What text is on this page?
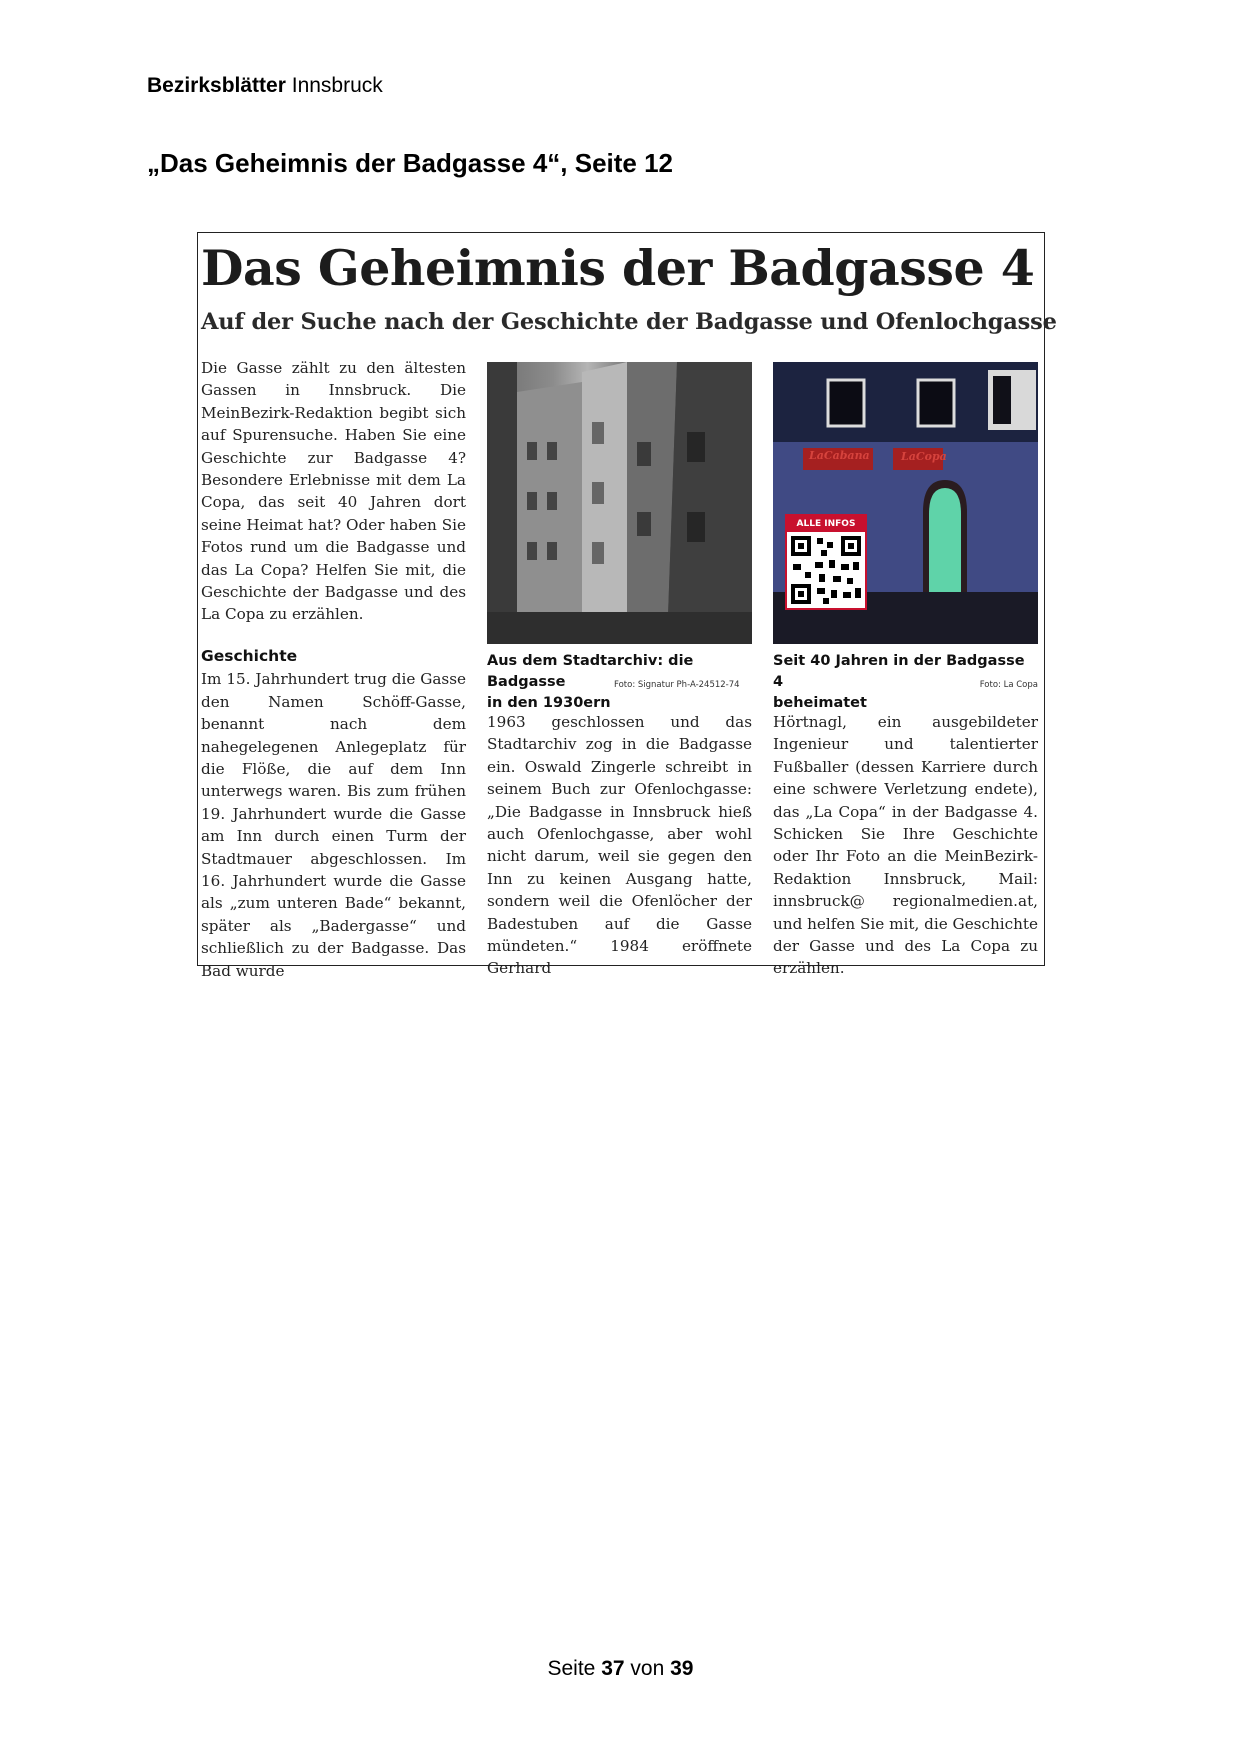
Bezirksblätter Innsbruck
„Das Geheimnis der Badgasse 4“, Seite 12
Das Geheimnis der Badgasse 4
Auf der Suche nach der Geschichte der Badgasse und Ofenlochgasse

Die Gasse zählt zu den ältesten Gassen in Innsbruck. Die MeinBezirk-Redaktion begibt sich auf Spurensuche. Haben Sie eine Geschichte zur Badgasse 4? Besondere Erlebnisse mit dem La Copa, das seit 40 Jahren dort seine Heimat hat? Oder haben Sie Fotos rund um die Badgasse und das La Copa? Helfen Sie mit, die Geschichte der Badgasse und des La Copa zu erzählen.

Geschichte

Im 15. Jahrhundert trug die Gasse den Namen Schöff-Gasse, benannt nach dem nahegelegenen Anlegeplatz für die Flöße, die auf dem Inn unterwegs waren. Bis zum frühen 19. Jahrhundert wurde die Gasse am Inn durch einen Turm der Stadtmauer abgeschlossen. Im 16. Jahrhundert wurde die Gasse als „zum unteren Bade“ bekannt, später als „Badergasse“ und schließlich zu der Badgasse. Das Bad wurde

Aus dem Stadtarchiv: die Badgasse
in den 1930ern
Foto: Signatur Ph-A-24512-74
LaCabana	LaCopa
ALLE INFOS
Seit 40 Jahren in der Badgasse 4
beheimatet
Foto: La Copa

1963 geschlossen und das Stadtarchiv zog in die Badgasse ein. Oswald Zingerle schreibt in seinem Buch zur Ofenlochgasse: „Die Badgasse in Innsbruck hieß auch Ofenlochgasse, aber wohl nicht darum, weil sie gegen den Inn zu keinen Ausgang hatte, sondern weil die Ofenlöcher der Badestuben auf die Gasse mündeten.“ 1984 eröffnete Gerhard

Hörtnagl, ein ausgebildeter Ingenieur und talentierter Fußballer (dessen Karriere durch eine schwere Verletzung endete), das „La Copa“ in der Badgasse 4. Schicken Sie Ihre Geschichte oder Ihr Foto an die MeinBezirk-Redaktion Innsbruck, Mail: innsbruck@ regionalmedien.at, und helfen Sie mit, die Geschichte der Gasse und des La Copa zu erzählen.

Seite 37 von 39
